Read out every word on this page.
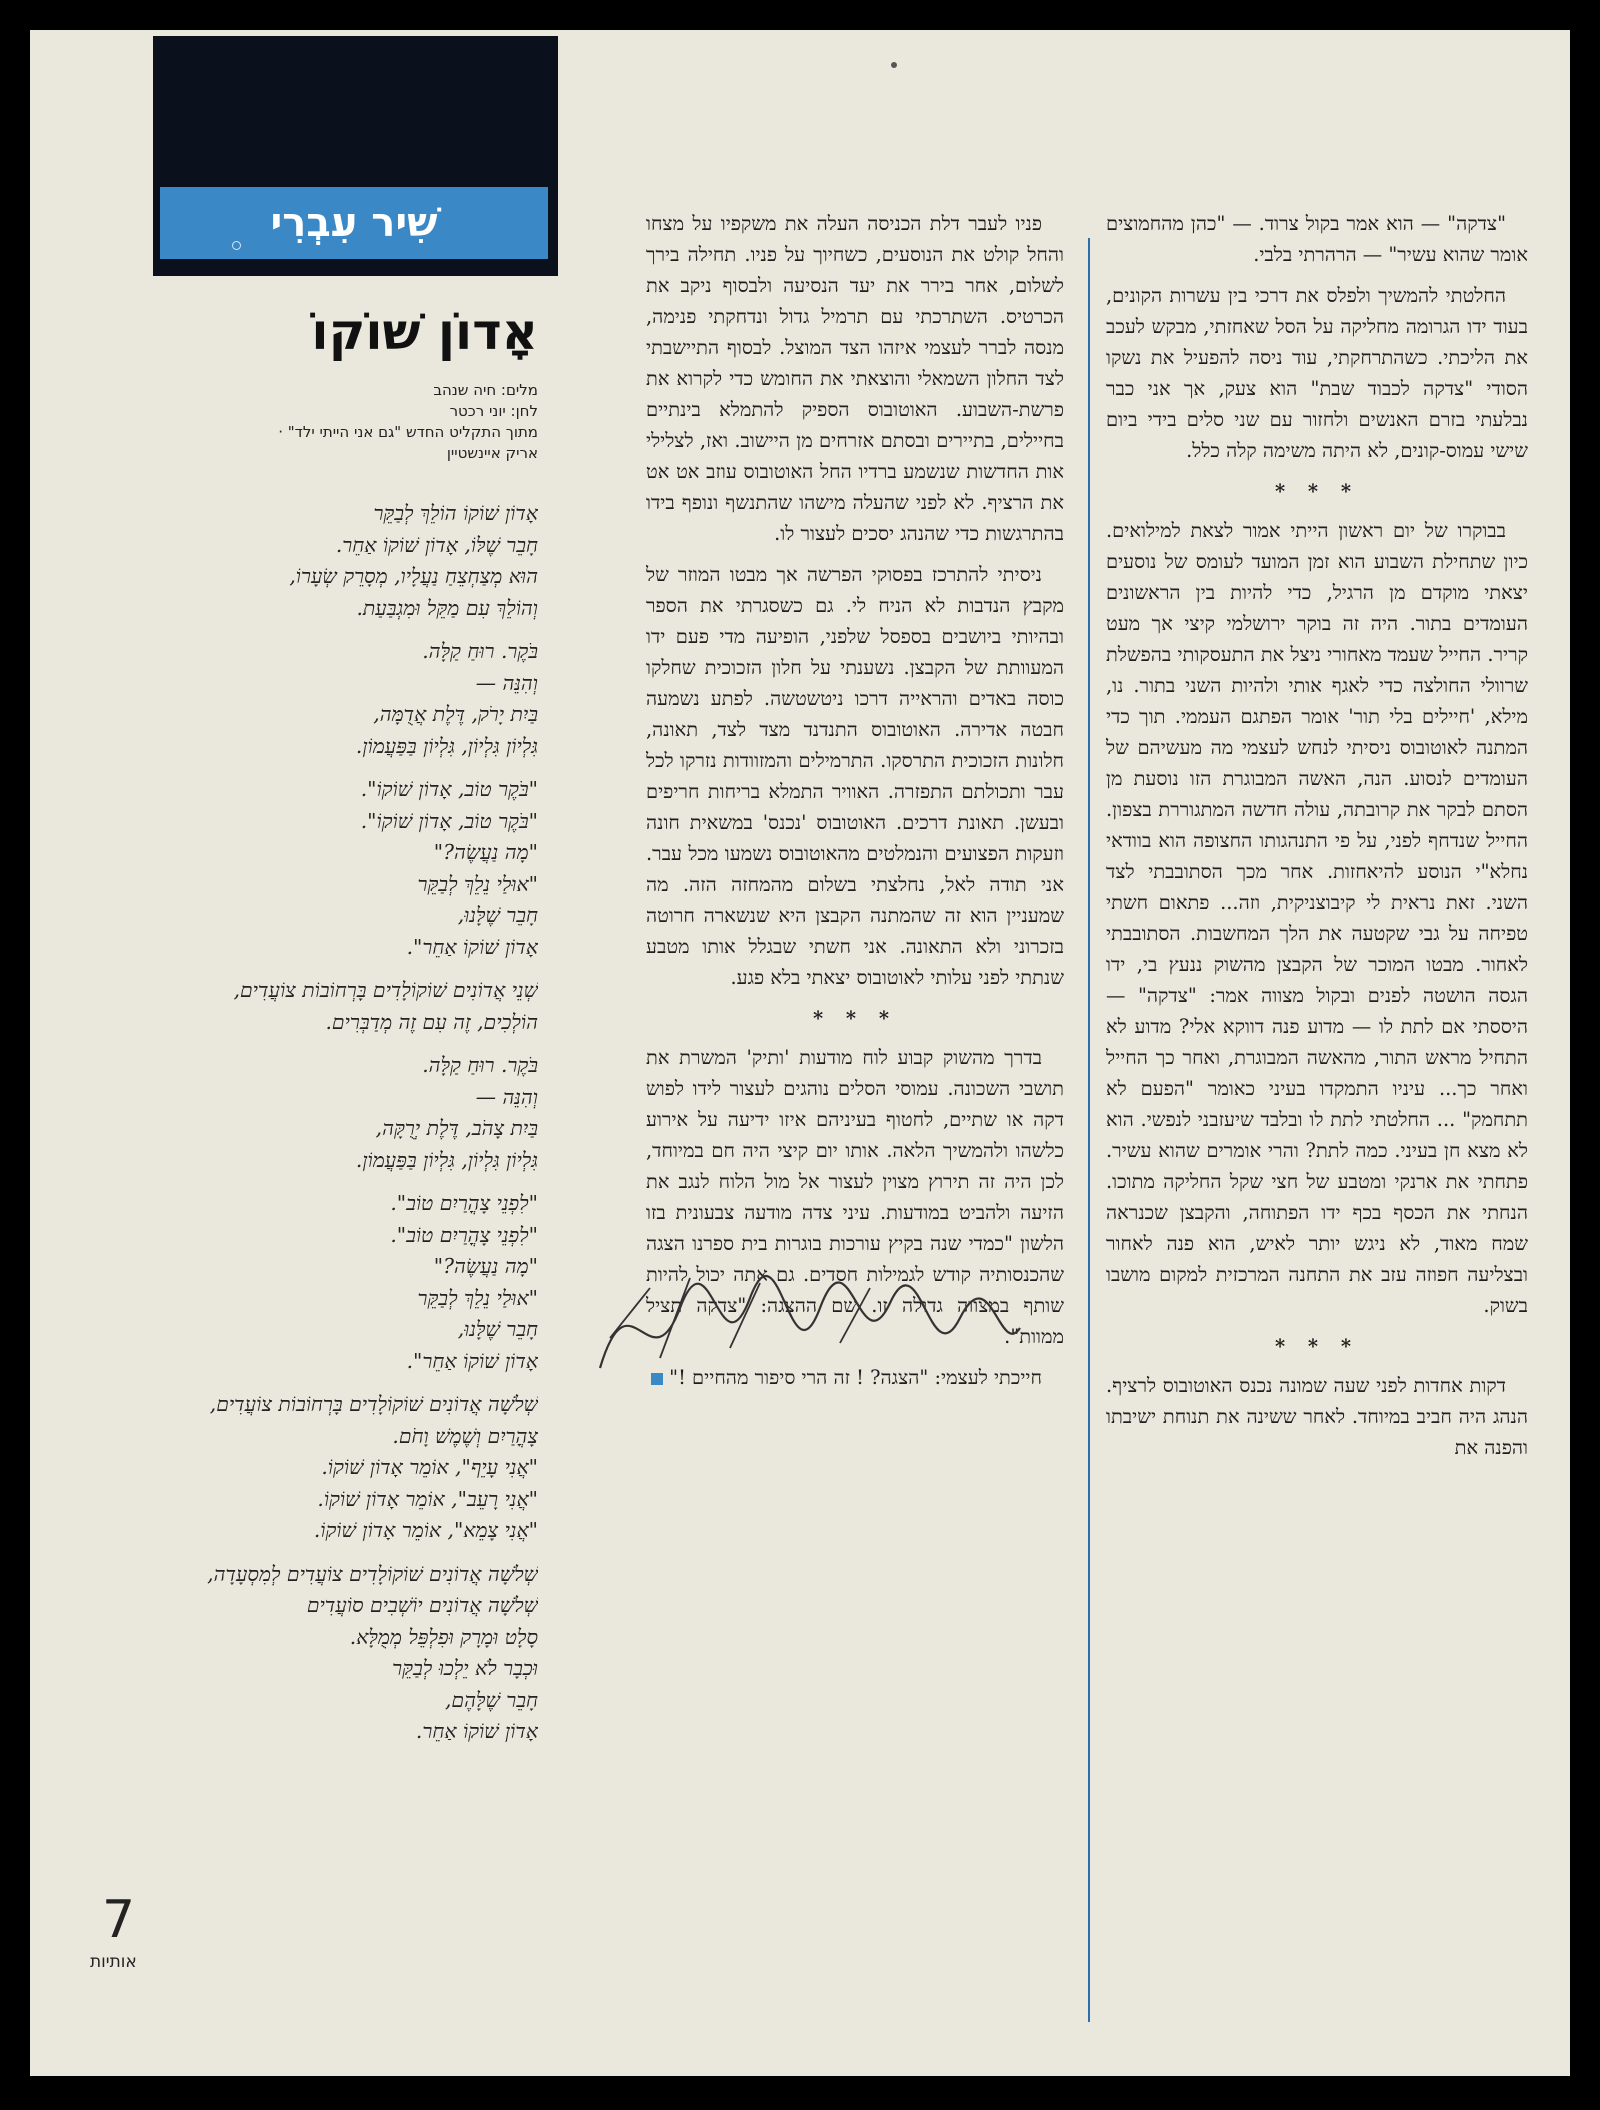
שִׁיר עִבְרִי
אָדוֹן שׁוֹקוֹ
מלים: חיה שנהב
לחן: יוני רכטר
מתוך התקליט החדש "גם אני הייתי ילד" ·
אריק איינשטיין
אָדוֹן שׁוֹקוֹ הוֹלֵךְ לְבַקֵּר
חָבֵר שֶׁלּוֹ, אָדוֹן שׁוֹקוֹ אַחֵר.
הוּא מְצַחְצֵחַ נַעֲלָיו, מְסָרֵק שְׂעָרוֹ,
וְהוֹלֵךְ עִם מַקֵּל וּמִגְבַּעַת.
בֹּקֶר. רוּחַ קַלָּה.
וְהִנֵּה —
בַּיִת יָרֹק, דֶּלֶת אֲדֻמָּה,
גִּלְיוֹן גִּלְיוֹן, גִּלְיוֹן בַּפַּעֲמוֹן.
"בֹּקֶר טוֹב, אָדוֹן שׁוֹקוֹ".
"בֹּקֶר טוֹב, אָדוֹן שׁוֹקוֹ".
"מָה נַעֲשֶׂה?"
"אוּלַי נֵלֵךְ לְבַקֵּר
חָבֵר שֶׁלָּנוּ,
אָדוֹן שׁוֹקוֹ אַחֵר".
שְׁנֵי אֲדוֹנִים שׁוֹקוֹלָדִים בָּרְחוֹבוֹת צוֹעֲדִים,
הוֹלְכִים, זֶה עִם זֶה מְדַבְּרִים.
בֹּקֶר. רוּחַ קַלָּה.
וְהִנֵּה —
בַּיִת צָהֹב, דֶּלֶת יְרֻקָּה,
גִּלְיוֹן גִּלְיוֹן, גִּלְיוֹן בַּפַּעֲמוֹן.
"לִפְנֵי צָהֳרַיִם טוֹב".
"לִפְנֵי צָהֳרַיִם טוֹב".
"מָה נַעֲשֶׂה?"
"אוּלַי נֵלֵךְ לְבַקֵּר
חָבֵר שֶׁלָּנוּ,
אָדוֹן שׁוֹקוֹ אַחֵר".
שְׁלֹשָׁה אֲדוֹנִים שׁוֹקוֹלָדִים בָּרְחוֹבוֹת צוֹעֲדִים,
צָהֳרַיִם וְשֶׁמֶשׁ וָחֹם.
"אֲנִי עָיֵף", אוֹמֵר אָדוֹן שׁוֹקוֹ.
"אֲנִי רָעֵב", אוֹמֵר אָדוֹן שׁוֹקוֹ.
"אֲנִי צָמֵא", אוֹמֵר אָדוֹן שׁוֹקוֹ.
שְׁלֹשָׁה אֲדוֹנִים שׁוֹקוֹלָדִים צוֹעֲדִים לְמִסְעָדָה,
שְׁלֹשָׁה אֲדוֹנִים יוֹשְׁבִים סוֹעֲדִים
סָלָט וּמָרָק וּפִלְפֵּל מְמֻלָּא.
וּכְבָר לֹא יֵלְכוּ לְבַקֵּר
חָבֵר שֶׁלָּהֶם,
אָדוֹן שׁוֹקוֹ אַחֵר.

"צדקה" — הוא אמר בקול צרוד. — "כהן מהחמוצים אומר שהוא עשיר" — הרהרתי בלבי.

החלטתי להמשיך ולפלס את דרכי בין עשרות הקונים, בעוד ידו הגרומה מחליקה על הסל שאחזתי, מבקש לעכב את הליכתי. כשהתרחקתי, עוד ניסה להפעיל את נשקו הסודי "צדקה לכבוד שבת" הוא צעק, אך אני כבר נבלעתי בזרם האנשים ולחזור עם שני סלים בידי ביום שישי עמוס-קונים, לא היתה משימה קלה כלל.

* * *

בבוקרו של יום ראשון הייתי אמור לצאת למילואים. כיון שתחילת השבוע הוא זמן המועד לעומס של נוסעים יצאתי מוקדם מן הרגיל, כדי להיות בין הראשונים העומדים בתור. היה זה בוקר ירושלמי קיצי אך מעט קריר. החייל שעמד מאחורי ניצל את התעסקותי בהפשלת שרוולי החולצה כדי לאגף אותי ולהיות השני בתור. נו, מילא, 'חיילים בלי תור' אומר הפתגם העממי. תוך כדי המתנה לאוטובוס ניסיתי לנחש לעצמי מה מעשיהם של העומדים לנסוע. הנה, האשה המבוגרת הזו נוסעת מן הסתם לבקר את קרובתה, עולה חדשה המתגוררת בצפון. החייל שנדחף לפני, על פי התנהגותו החצופה הוא בוודאי נחלא"י הנוסע להיאחזות. אחר מכך הסתובבתי לצד השני. זאת נראית לי קיבוצניקית, וזה... פתאום חשתי טפיחה על גבי שקטעה את הלך המחשבות. הסתובבתי לאחור. מבטו המוכר של הקבצן מהשוק ננעץ בי, ידו הגסה הושטה לפנים ובקול מצווה אמר: "צדקה" — היססתי אם לתת לו — מדוע פנה דווקא אלי? מדוע לא התחיל מראש התור, מהאשה המבוגרת, ואחר כך החייל ואחר כך... עיניו התמקדו בעיני כאומר "הפעם לא תתחמק" ... החלטתי לתת לו ובלבד שיעזבני לנפשי. הוא לא מצא חן בעיני. כמה לתת? והרי אומרים שהוא עשיר. פתחתי את ארנקי ומטבע של חצי שקל החליקה מתוכו. הנחתי את הכסף בכף ידו הפתוחה, והקבצן שכנראה שמח מאוד, לא ניגש יותר לאיש, הוא פנה לאחור ובצליעה חפוזה עזב את התחנה המרכזית למקום מושבו בשוק.

* * *

דקות אחדות לפני שעה שמונה נכנס האוטובוס לרציף. הנהג היה חביב במיוחד. לאחר ששינה את תנוחת ישיבתו והפנה את

פניו לעבר דלת הכניסה העלה את משקפיו על מצחו והחל קולט את הנוסעים, כשחיוך על פניו. תחילה בירך לשלום, אחר בירר את יעד הנסיעה ולבסוף ניקב את הכרטיס. השתרכתי עם תרמיל גדול ונדחקתי פנימה, מנסה לברר לעצמי איזהו הצד המוצל. לבסוף התיישבתי לצד החלון השמאלי והוצאתי את החומש כדי לקרוא את פרשת-השבוע. האוטובוס הספיק להתמלא בינתיים בחיילים, בתיירים ובסתם אזרחים מן היישוב. ואז, לצלילי אות החדשות שנשמע ברדיו החל האוטובוס עוזב אט אט את הרציף. לא לפני שהעלה מישהו שהתנשף ונופף בידו בהתרגשות כדי שהנהג יסכים לעצור לו.

ניסיתי להתרכז בפסוקי הפרשה אך מבטו המוזר של מקבץ הנדבות לא הניח לי. גם כשסגרתי את הספר ובהיותי ביושבים בספסל שלפני, הופיעה מדי פעם ידו המעוותת של הקבצן. נשענתי על חלון הזכוכית שחלקו כוסה באדים והראייה דרכו ניטשטשה. לפתע נשמעה חבטה אדירה. האוטובוס התנדנד מצד לצד, תאונה, חלונות הזכוכית התרסקו. התרמילים והמזוודות נזרקו לכל עבר ותכולתם התפזרה. האוויר התמלא בריחות חריפים ובעשן. תאונת דרכים. האוטובוס 'נכנס' במשאית חונה וזעקות הפצועים והנמלטים מהאוטובוס נשמעו מכל עבר. אני תודה לאל, נחלצתי בשלום מהמחזה הזה. מה שמעניין הוא זה שהמתנה הקבצן היא שנשארה חרוטה בזכרוני ולא התאונה. אני חשתי שבגלל אותו מטבע שנתתי לפני עלותי לאוטובוס יצאתי בלא פגע.

* * *

בדרך מהשוק קבוע לוח מודעות 'ותיק' המשרת את תושבי השכונה. עמוסי הסלים נוהגים לעצור לידו לפוש דקה או שתיים, לחטוף בעיניהם איזו ידיעה על אירוע כלשהו ולהמשיך הלאה. אותו יום קיצי היה חם במיוחד, לכן היה זה תירוץ מצוין לעצור אל מול הלוח לנגב את הזיעה ולהביט במודעות. עיני צדה מודעה צבעונית בזו הלשון "כמדי שנה בקיץ עורכות בוגרות בית ספרנו הצגה שהכנסותיה קודש לגמילות חסדים. גם אתה יכול להיות שותף במצווה גדולה זו. שם ההצגה: "צדקה תציל ממוות".

חייכתי לעצמי: "הצגה? ! זה הרי סיפור מהחיים !"

7
אותיות
